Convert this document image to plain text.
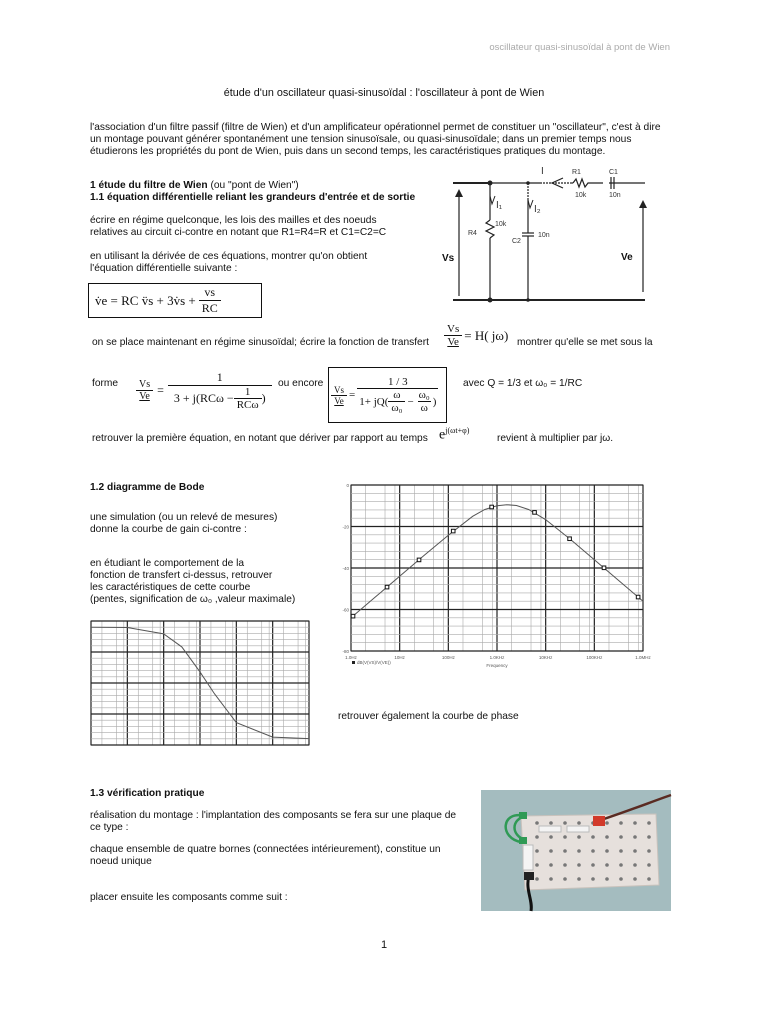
oscillateur quasi-sinusoïdal à pont de Wien
étude d'un oscillateur quasi-sinusoïdal : l'oscillateur à pont de Wien
l'association d'un filtre passif (filtre de Wien) et d'un amplificateur opérationnel permet de constituer un "oscillateur", c'est à dire
un montage pouvant générer spontanément une tension sinusoïsale, ou quasi-sinusoïdale; dans un premier temps nous
étudierons les propriétés du pont de Wien, puis dans un second temps, les caractéristiques pratiques du montage.
1 étude du filtre de Wien (ou "pont de Wien")
1.1 équation différentielle reliant les grandeurs d'entrée et de sortie
écrire en régime quelconque, les lois des mailles et des noeuds
relatives au circuit ci-contre en notant que R1=R4=R et C1=C2=C
en utilisant la dérivée de ces équations, montrer qu'on obtient
l'équation différentielle suivante :
v̇e = RC v̈s + 3v̇s + $\frac{vs}{RC}$
I	R1
10k
C1
10n
I₁	I₂
R4
10k
C2
10n
Vs	Ve
on se place maintenant en régime sinusoïdal; écrire la fonction de transfert $\frac{Vs}{Ve} = H$( jω) montrer qu'elle se met sous la
forme $\frac{Vs}{Ve} = \frac{1}{3 + j(RC\omega - \frac{1}{\text{RCω}} )}$ ou encore
$\frac{Vs}{Ve} = \frac{1 / 3}{1+ jQ( \frac{\omega}{\text{ω₀}} - \frac{\text{ω₀}}{\omega} )}$ avec Q = 1/3 et ω₀ = 1/RC
retrouver la première équation, en notant que dériver par rapport au temps $e^{j(\omega t+\varphi)}$
revient à multiplier par jω.
1.2 diagramme de Bode
une simulation (ou un relevé de mesures)
donne la courbe de gain ci-contre :
en étudiant le comportement de la
fonction de transfert ci-dessus, retrouver
les caractéristiques de cette courbe
(pentes, signification de ω₀ ,valeur maximale)
1.0Hz	10Hz	100Hz	1.0KHz	10KHz	100KHz	1.0MHz
0
-20
-40
-60
-80
Frequency
dB(V(VS)/V(VE))
retrouver également la courbe de phase
1.3 vérification pratique
réalisation du montage : l'implantation des composants se fera sur une plaque de
ce type :
chaque ensemble de quatre bornes (connectées intérieurement), constitue un
noeud unique
placer ensuite les composants comme suit :
1
